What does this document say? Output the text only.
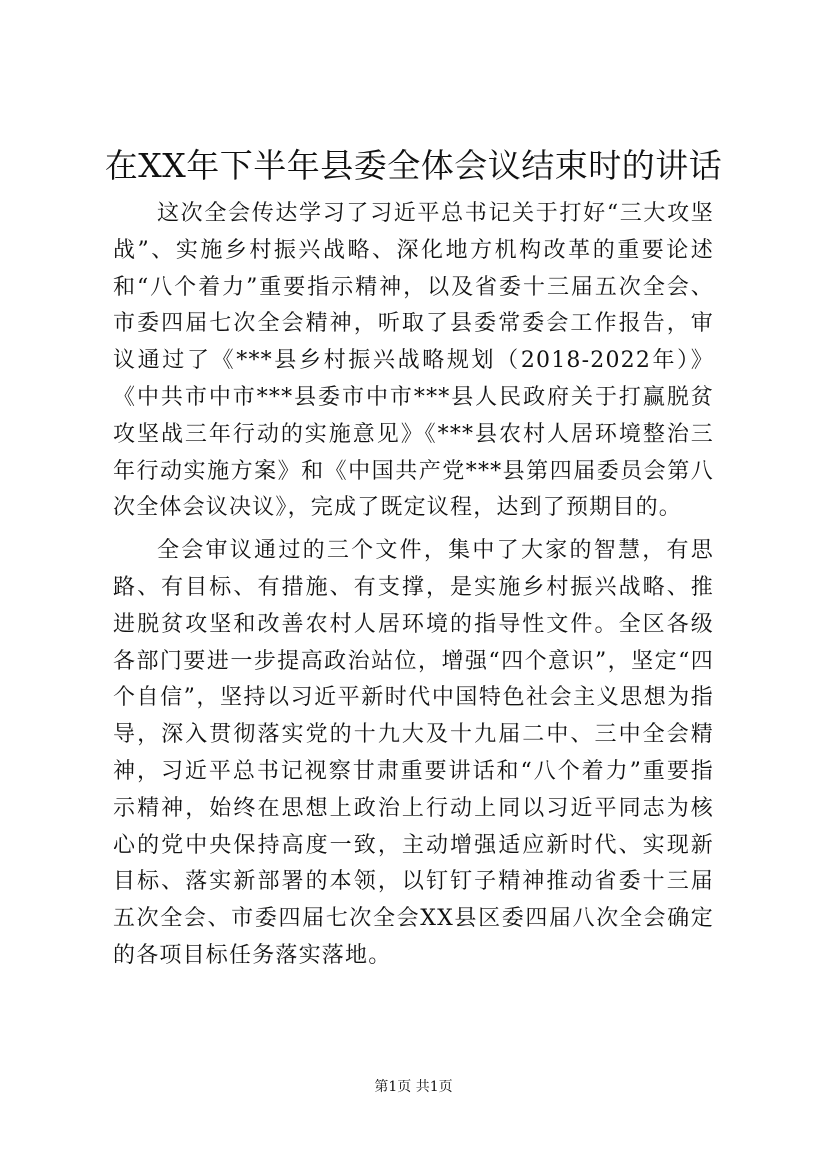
在XX年下半年县委全体会议结束时的讲话

这次全会传达学习了习近平总书记关于打好“三大攻坚战”、实施乡村振兴战略、深化地方机构改革的重要论述和“八个着力”重要指示精神，以及省委十三届五次全会、市委四届七次全会精神，听取了县委常委会工作报告，审议通过了《***县乡村振兴战略规划（2018-2022年）》《中共市中市***县委市中市***县人民政府关于打赢脱贫攻坚战三年行动的实施意见》《***县农村人居环境整治三年行动实施方案》和《中国共产党***县第四届委员会第八次全体会议决议》，完成了既定议程，达到了预期目的。

全会审议通过的三个文件，集中了大家的智慧，有思路、有目标、有措施、有支撑，是实施乡村振兴战略、推进脱贫攻坚和改善农村人居环境的指导性文件。全区各级各部门要进一步提高政治站位，增强“四个意识”，坚定“四个自信”，坚持以习近平新时代中国特色社会主义思想为指导，深入贯彻落实党的十九大及十九届二中、三中全会精神，习近平总书记视察甘肃重要讲话和“八个着力”重要指示精神，始终在思想上政治上行动上同以习近平同志为核心的党中央保持高度一致，主动增强适应新时代、实现新目标、落实新部署的本领，以钉钉子精神推动省委十三届五次全会、市委四届七次全会XX县区委四届八次全会确定的各项目标任务落实落地。

第1页 共1页
